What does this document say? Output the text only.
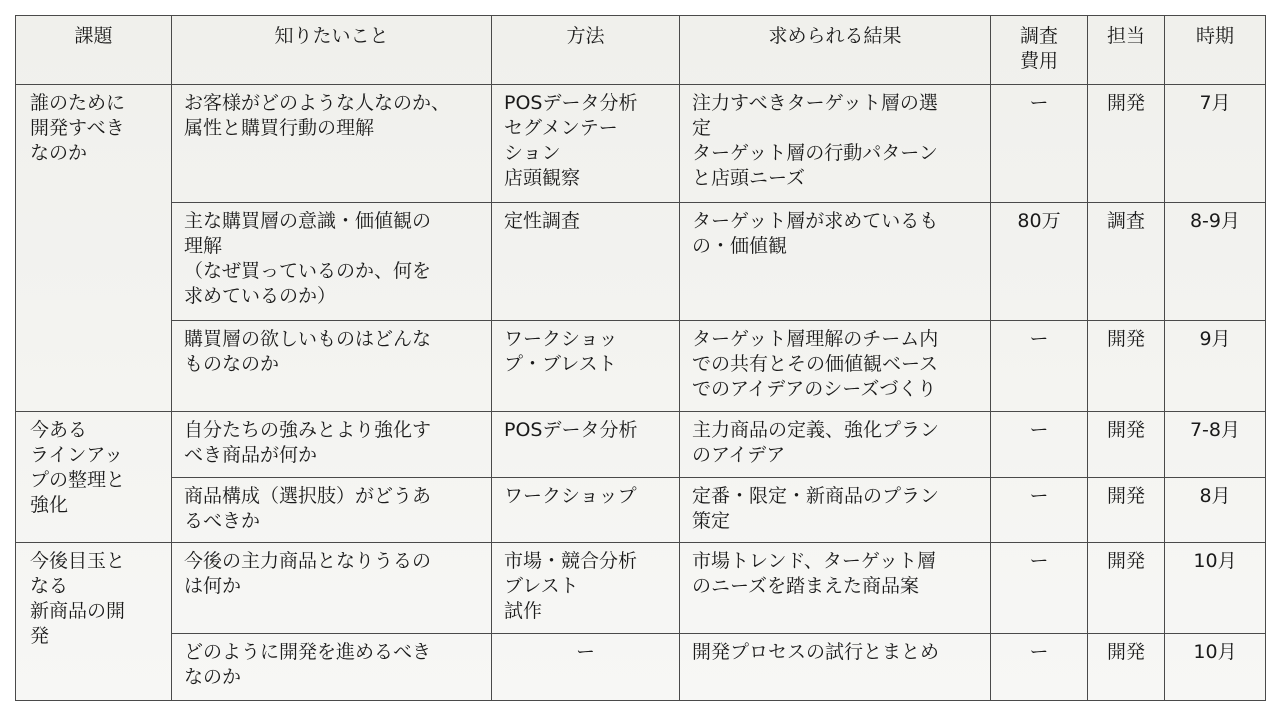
課題	知りたいこと	方法	求められる結果	調査
費用	担当	時期
誰のために
開発すべき
なのか	お客様がどのような人なのか、
属性と購買行動の理解	POSデータ分析
セグメンテー
ション
店頭観察	注力すべきターゲット層の選
定
ターゲット層の行動パターン
と店頭ニーズ	ー	開発	7月
	主な購買層の意識・価値観の
理解
（なぜ買っているのか、何を
求めているのか）	定性調査	ターゲット層が求めているも
の・価値観	80万	調査	8-9月
	購買層の欲しいものはどんな
ものなのか	ワークショッ
プ・ブレスト	ターゲット層理解のチーム内
での共有とその価値観ベース
でのアイデアのシーズづくり	ー	開発	9月
今ある
ラインアッ
プの整理と
強化	自分たちの強みとより強化す
べき商品が何か	POSデータ分析	主力商品の定義、強化プラン
のアイデア	ー	開発	7-8月
	商品構成（選択肢）がどうあ
るべきか	ワークショップ	定番・限定・新商品のプラン
策定	ー	開発	8月
今後目玉と
なる
新商品の開
発	今後の主力商品となりうるの
は何か	市場・競合分析
ブレスト
試作	市場トレンド、ターゲット層
のニーズを踏まえた商品案	ー	開発	10月
	どのように開発を進めるべき
なのか	ー	開発プロセスの試行とまとめ	ー	開発	10月
